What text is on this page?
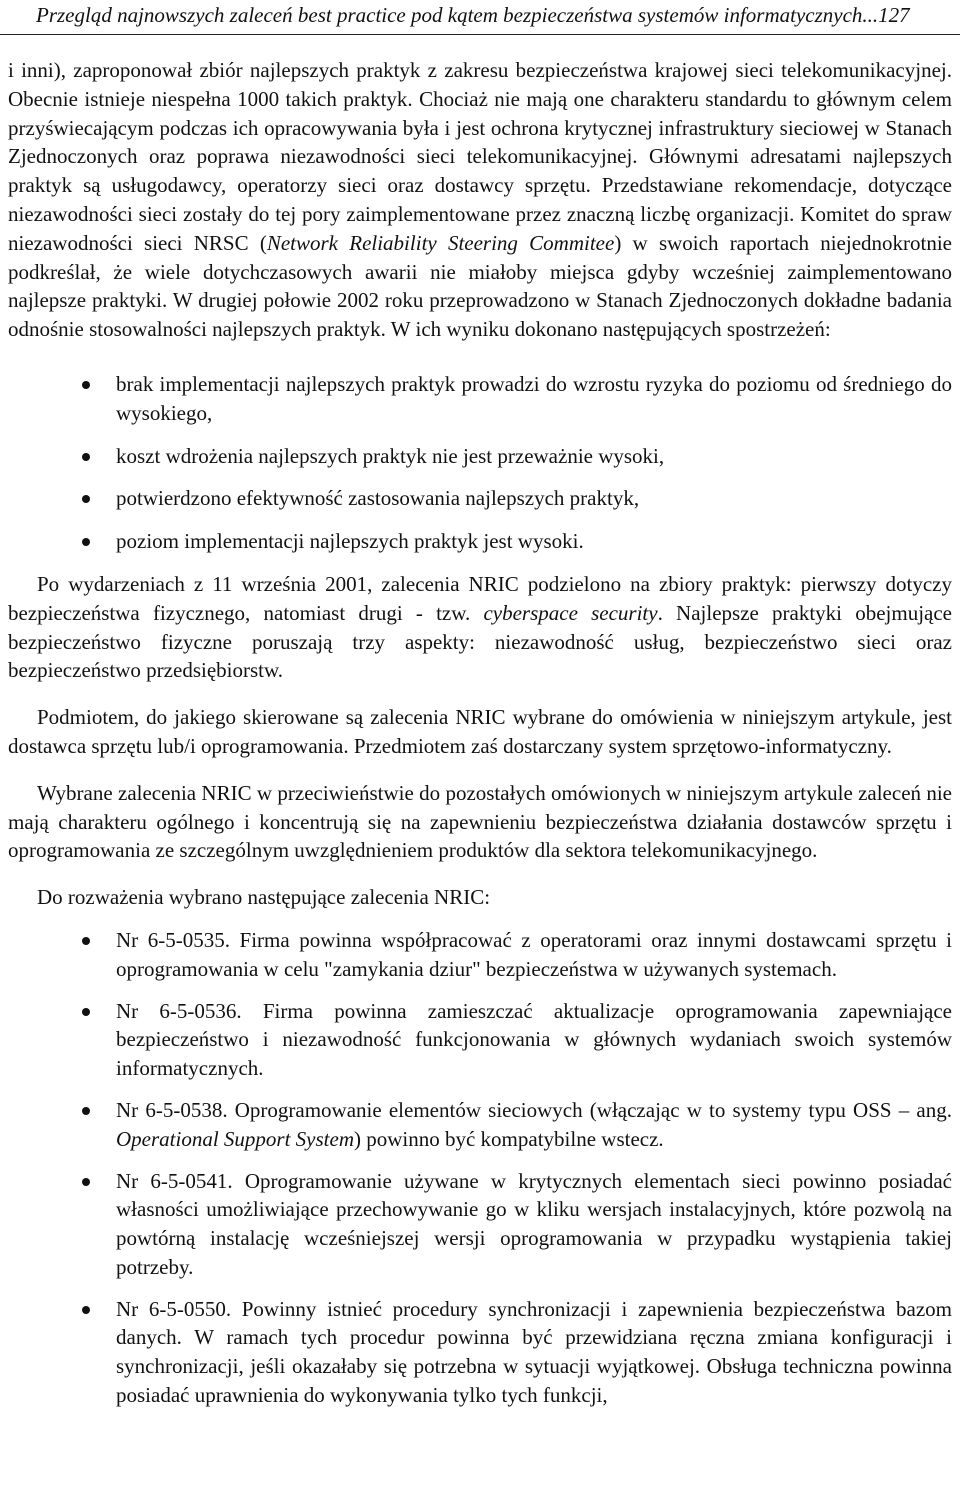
Przegląd najnowszych zaleceń best practice pod kątem bezpieczeństwa systemów informatycznych...127

i inni), zaproponował zbiór najlepszych praktyk z zakresu bezpieczeństwa krajowej sieci telekomunikacyjnej. Obecnie istnieje niespełna 1000 takich praktyk. Chociaż nie mają one charakteru standardu to głównym celem przyświecającym podczas ich opracowywania była i jest ochrona krytycznej infrastruktury sieciowej w Stanach Zjednoczonych oraz poprawa niezawodności sieci telekomunikacyjnej. Głównymi adresatami najlepszych praktyk są usługodawcy, operatorzy sieci oraz dostawcy sprzętu. Przedstawiane rekomendacje, dotyczące niezawodności sieci zostały do tej pory zaimplementowane przez znaczną liczbę organizacji. Komitet do spraw niezawodności sieci NRSC (Network Reliability Steering Commitee) w swoich raportach niejednokrotnie podkreślał, że wiele dotychczasowych awarii nie miałoby miejsca gdyby wcześniej zaimplementowano najlepsze praktyki. W drugiej połowie 2002 roku przeprowadzono w Stanach Zjednoczonych dokładne badania odnośnie stosowalności najlepszych praktyk. W ich wyniku dokonano następujących spostrzeżeń:

brak implementacji najlepszych praktyk prowadzi do wzrostu ryzyka do poziomu od średniego do wysokiego,
koszt wdrożenia najlepszych praktyk nie jest przeważnie wysoki,
potwierdzono efektywność zastosowania najlepszych praktyk,
poziom implementacji najlepszych praktyk jest wysoki.

Po wydarzeniach z 11 września 2001, zalecenia NRIC podzielono na zbiory praktyk: pierwszy dotyczy bezpieczeństwa fizycznego, natomiast drugi - tzw. cyberspace security. Najlepsze praktyki obejmujące bezpieczeństwo fizyczne poruszają trzy aspekty: niezawodność usług, bezpieczeństwo sieci oraz bezpieczeństwo przedsiębiorstw.

Podmiotem, do jakiego skierowane są zalecenia NRIC wybrane do omówienia w niniejszym artykule, jest dostawca sprzętu lub/i oprogramowania. Przedmiotem zaś dostarczany system sprzętowo-informatyczny.

Wybrane zalecenia NRIC w przeciwieństwie do pozostałych omówionych w niniejszym artykule zaleceń nie mają charakteru ogólnego i koncentrują się na zapewnieniu bezpieczeństwa działania dostawców sprzętu i oprogramowania ze szczególnym uwzględnieniem produktów dla sektora telekomunikacyjnego.

Do rozważenia wybrano następujące zalecenia NRIC:

Nr 6-5-0535. Firma powinna współpracować z operatorami oraz innymi dostawcami sprzętu i oprogramowania w celu "zamykania dziur" bezpieczeństwa w używanych systemach.
Nr 6-5-0536. Firma powinna zamieszczać aktualizacje oprogramowania zapewniające bezpieczeństwo i niezawodność funkcjonowania w głównych wydaniach swoich systemów informatycznych.
Nr 6-5-0538. Oprogramowanie elementów sieciowych (włączając w to systemy typu OSS – ang. Operational Support System) powinno być kompatybilne wstecz.
Nr 6-5-0541. Oprogramowanie używane w krytycznych elementach sieci powinno posiadać własności umożliwiające przechowywanie go w kliku wersjach instalacyjnych, które pozwolą na powtórną instalację wcześniejszej wersji oprogramowania w przypadku wystąpienia takiej potrzeby.
Nr 6-5-0550. Powinny istnieć procedury synchronizacji i zapewnienia bezpieczeństwa bazom danych. W ramach tych procedur powinna być przewidziana ręczna zmiana konfiguracji i synchronizacji, jeśli okazałaby się potrzebna w sytuacji wyjątkowej. Obsługa techniczna powinna posiadać uprawnienia do wykonywania tylko tych funkcji,
